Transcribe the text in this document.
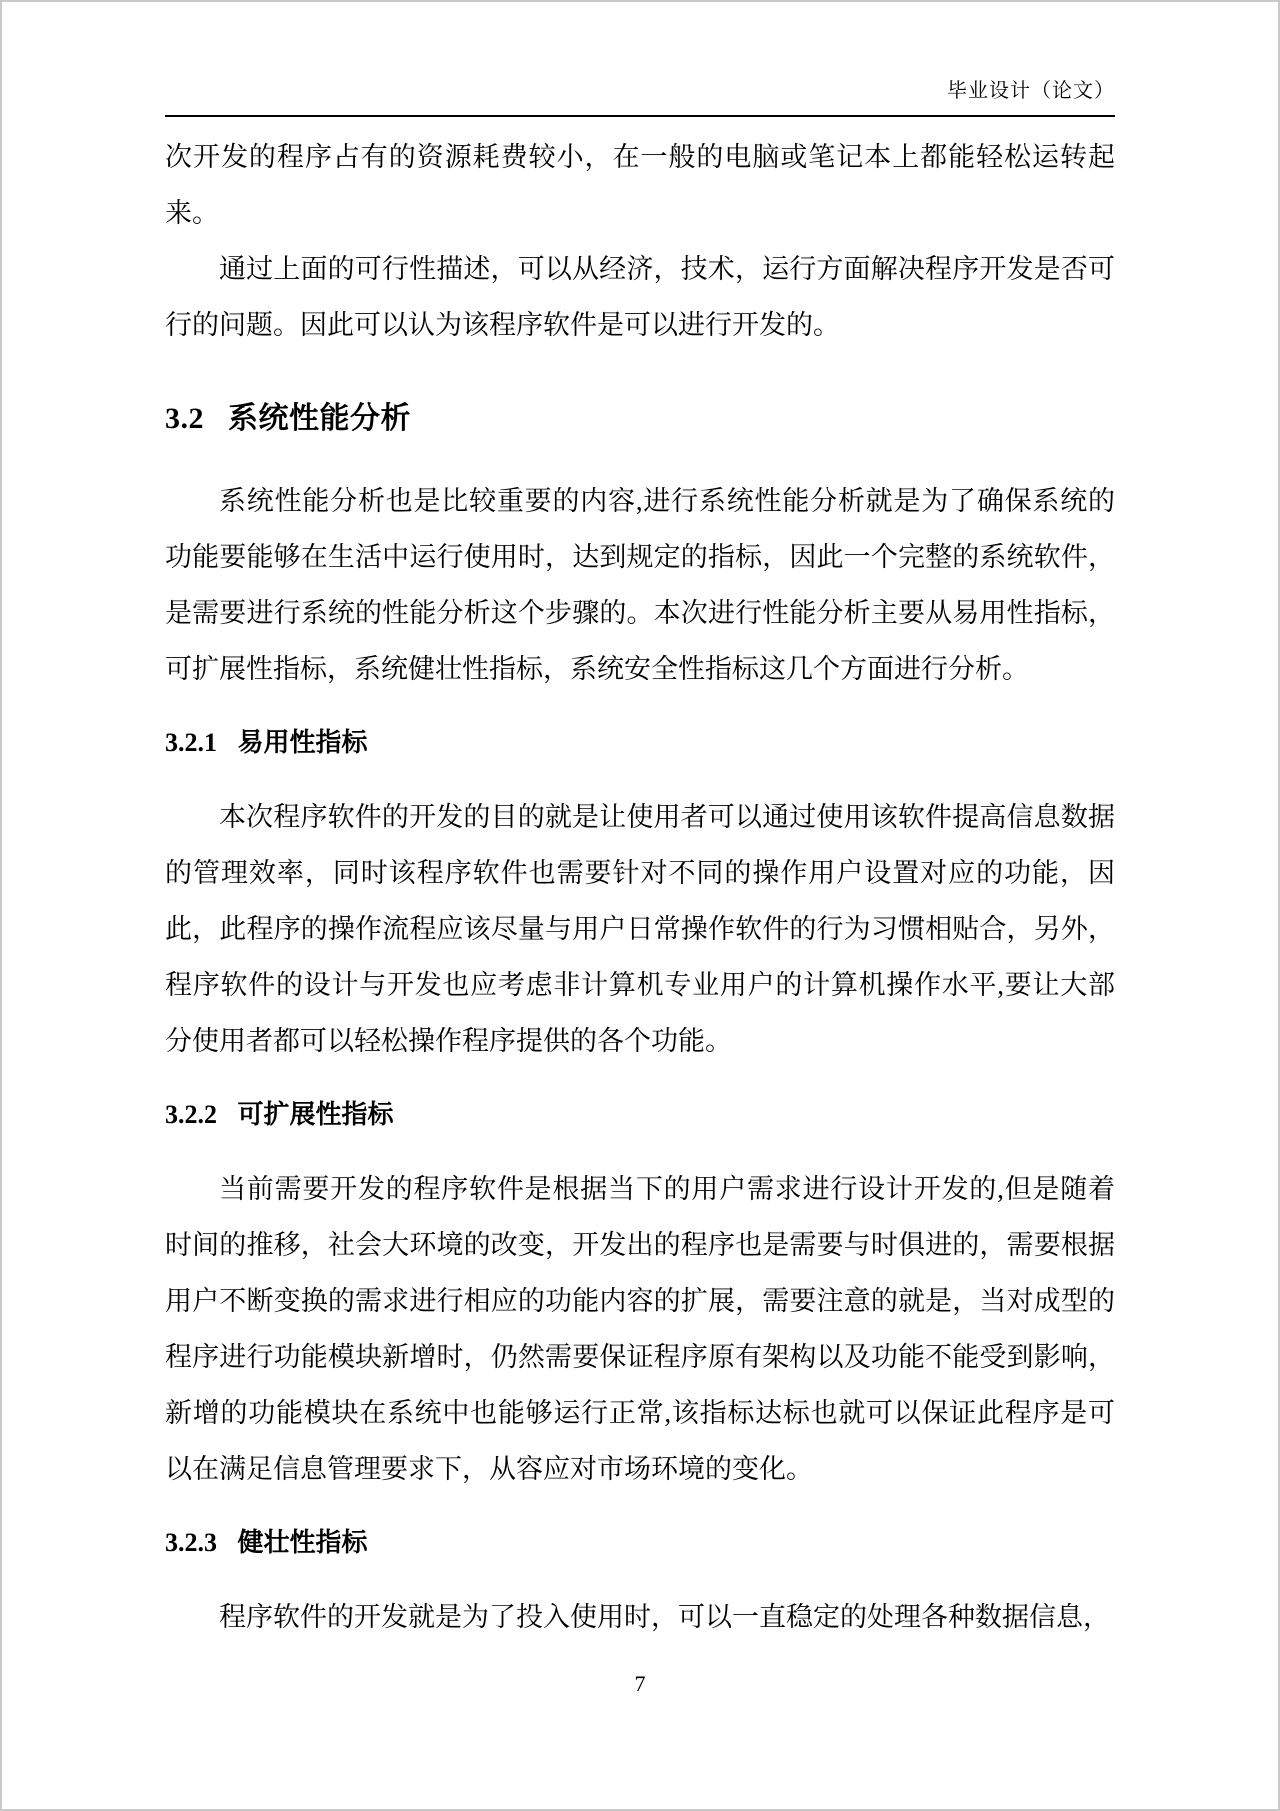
毕业设计（论文）

次开发的程序占有的资源耗费较小，在一般的电脑或笔记本上都能轻松运转起来。

通过上面的可行性描述，可以从经济，技术，运行方面解决程序开发是否可行的问题。因此可以认为该程序软件是可以进行开发的。

3.2 系统性能分析

系统性能分析也是比较重要的内容,进行系统性能分析就是为了确保系统的功能要能够在生活中运行使用时，达到规定的指标，因此一个完整的系统软件，是需要进行系统的性能分析这个步骤的。本次进行性能分析主要从易用性指标，可扩展性指标，系统健壮性指标，系统安全性指标这几个方面进行分析。

3.2.1 易用性指标

本次程序软件的开发的目的就是让使用者可以通过使用该软件提高信息数据的管理效率，同时该程序软件也需要针对不同的操作用户设置对应的功能，因此，此程序的操作流程应该尽量与用户日常操作软件的行为习惯相贴合，另外，程序软件的设计与开发也应考虑非计算机专业用户的计算机操作水平,要让大部分使用者都可以轻松操作程序提供的各个功能。

3.2.2 可扩展性指标

当前需要开发的程序软件是根据当下的用户需求进行设计开发的,但是随着时间的推移，社会大环境的改变，开发出的程序也是需要与时俱进的，需要根据用户不断变换的需求进行相应的功能内容的扩展，需要注意的就是，当对成型的程序进行功能模块新增时，仍然需要保证程序原有架构以及功能不能受到影响，新增的功能模块在系统中也能够运行正常,该指标达标也就可以保证此程序是可以在满足信息管理要求下，从容应对市场环境的变化。

3.2.3 健壮性指标

程序软件的开发就是为了投入使用时，可以一直稳定的处理各种数据信息，

7
